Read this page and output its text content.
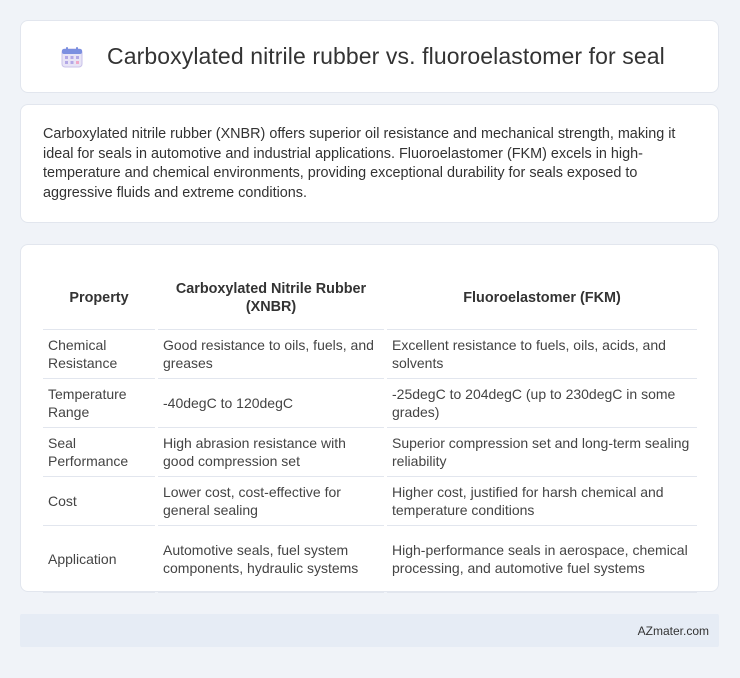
Carboxylated nitrile rubber vs. fluoroelastomer for seal

Carboxylated nitrile rubber (XNBR) offers superior oil resistance and mechanical strength, making it ideal for seals in automotive and industrial applications. Fluoroelastomer (FKM) excels in high-temperature and chemical environments, providing exceptional durability for seals exposed to aggressive fluids and extreme conditions.

Property	Carboxylated Nitrile Rubber (XNBR)	Fluoroelastomer (FKM)
Chemical Resistance	Good resistance to oils, fuels, and greases	Excellent resistance to fuels, oils, acids, and solvents
Temperature Range	-40degC to 120degC	-25degC to 204degC (up to 230degC in some grades)
Seal Performance	High abrasion resistance with good compression set	Superior compression set and long-term sealing reliability
Cost	Lower cost, cost-effective for general sealing	Higher cost, justified for harsh chemical and temperature conditions
Application	Automotive seals, fuel system components, hydraulic systems	High-performance seals in aerospace, chemical processing, and automotive fuel systems
AZmater.com
